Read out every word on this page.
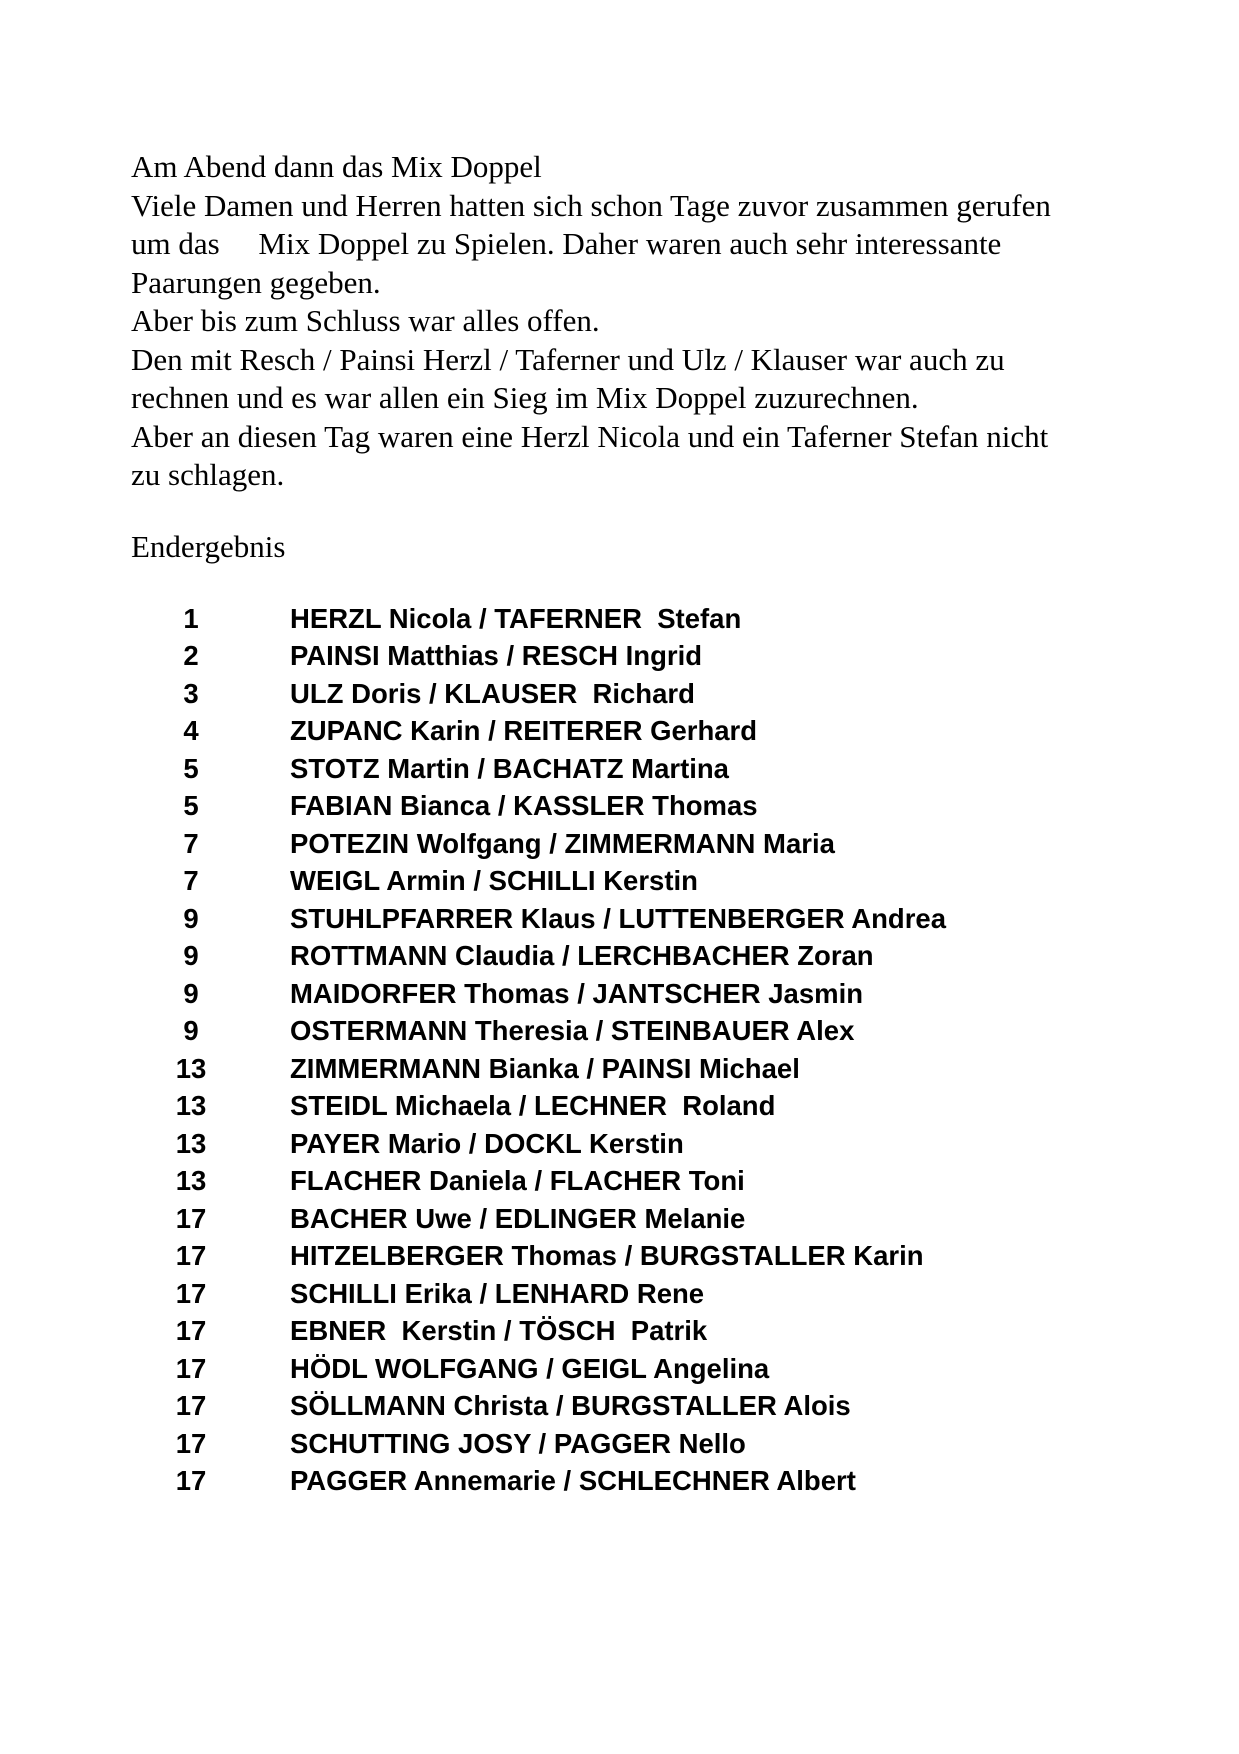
Am Abend dann das Mix Doppel
Viele Damen und Herren hatten sich schon Tage zuvor zusammen gerufen
um das     Mix Doppel zu Spielen. Daher waren auch sehr interessante
Paarungen gegeben.
Aber bis zum Schluss war alles offen.
Den mit Resch / Painsi Herzl / Taferner und Ulz / Klauser war auch zu
rechnen und es war allen ein Sieg im Mix Doppel zuzurechnen.
Aber an diesen Tag waren eine Herzl Nicola und ein Taferner Stefan nicht
zu schlagen.
Endergebnis
1	HERZL Nicola / TAFERNER  Stefan
2	PAINSI Matthias / RESCH Ingrid
3	ULZ Doris / KLAUSER  Richard
4	ZUPANC Karin / REITERER Gerhard
5	STOTZ Martin / BACHATZ Martina
5	FABIAN Bianca / KASSLER Thomas
7	POTEZIN Wolfgang / ZIMMERMANN Maria
7	WEIGL Armin / SCHILLI Kerstin
9	STUHLPFARRER Klaus / LUTTENBERGER Andrea
9	ROTTMANN Claudia / LERCHBACHER Zoran
9	MAIDORFER Thomas / JANTSCHER Jasmin
9	OSTERMANN Theresia / STEINBAUER Alex
13	ZIMMERMANN Bianka / PAINSI Michael
13	STEIDL Michaela / LECHNER  Roland
13	PAYER Mario / DOCKL Kerstin
13	FLACHER Daniela / FLACHER Toni
17	BACHER Uwe / EDLINGER Melanie
17	HITZELBERGER Thomas / BURGSTALLER Karin
17	SCHILLI Erika / LENHARD Rene
17	EBNER  Kerstin / TÖSCH  Patrik
17	HÖDL WOLFGANG / GEIGL Angelina
17	SÖLLMANN Christa / BURGSTALLER Alois
17	SCHUTTING JOSY / PAGGER Nello
17	PAGGER Annemarie / SCHLECHNER Albert
